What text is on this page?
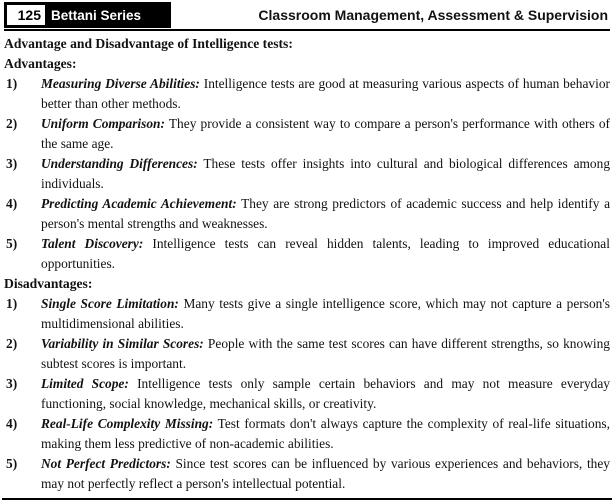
125 Bettani Series	Classroom Management, Assessment & Supervision
Advantage and Disadvantage of Intelligence tests:
Advantages:
1)	Measuring Diverse Abilities: Intelligence tests are good at measuring various aspects of human behavior better than other methods.

2)	Uniform Comparison: They provide a consistent way to compare a person's performance with others of the same age.

3)	Understanding Differences: These tests offer insights into cultural and biological differences among individuals.

4)	Predicting Academic Achievement: They are strong predictors of academic success and help identify a person's mental strengths and weaknesses.

5)	Talent Discovery: Intelligence tests can reveal hidden talents, leading to improved educational opportunities.

Disadvantages:
1)	Single Score Limitation: Many tests give a single intelligence score, which may not capture a person's multidimensional abilities.

2)	Variability in Similar Scores: People with the same test scores can have different strengths, so knowing subtest scores is important.

3)	Limited Scope: Intelligence tests only sample certain behaviors and may not measure everyday functioning, social knowledge, mechanical skills, or creativity.

4)	Real-Life Complexity Missing: Test formats don't always capture the complexity of real-life situations, making them less predictive of non-academic abilities.

5)	Not Perfect Predictors: Since test scores can be influenced by various experiences and behaviors, they may not perfectly reflect a person's intellectual potential.
